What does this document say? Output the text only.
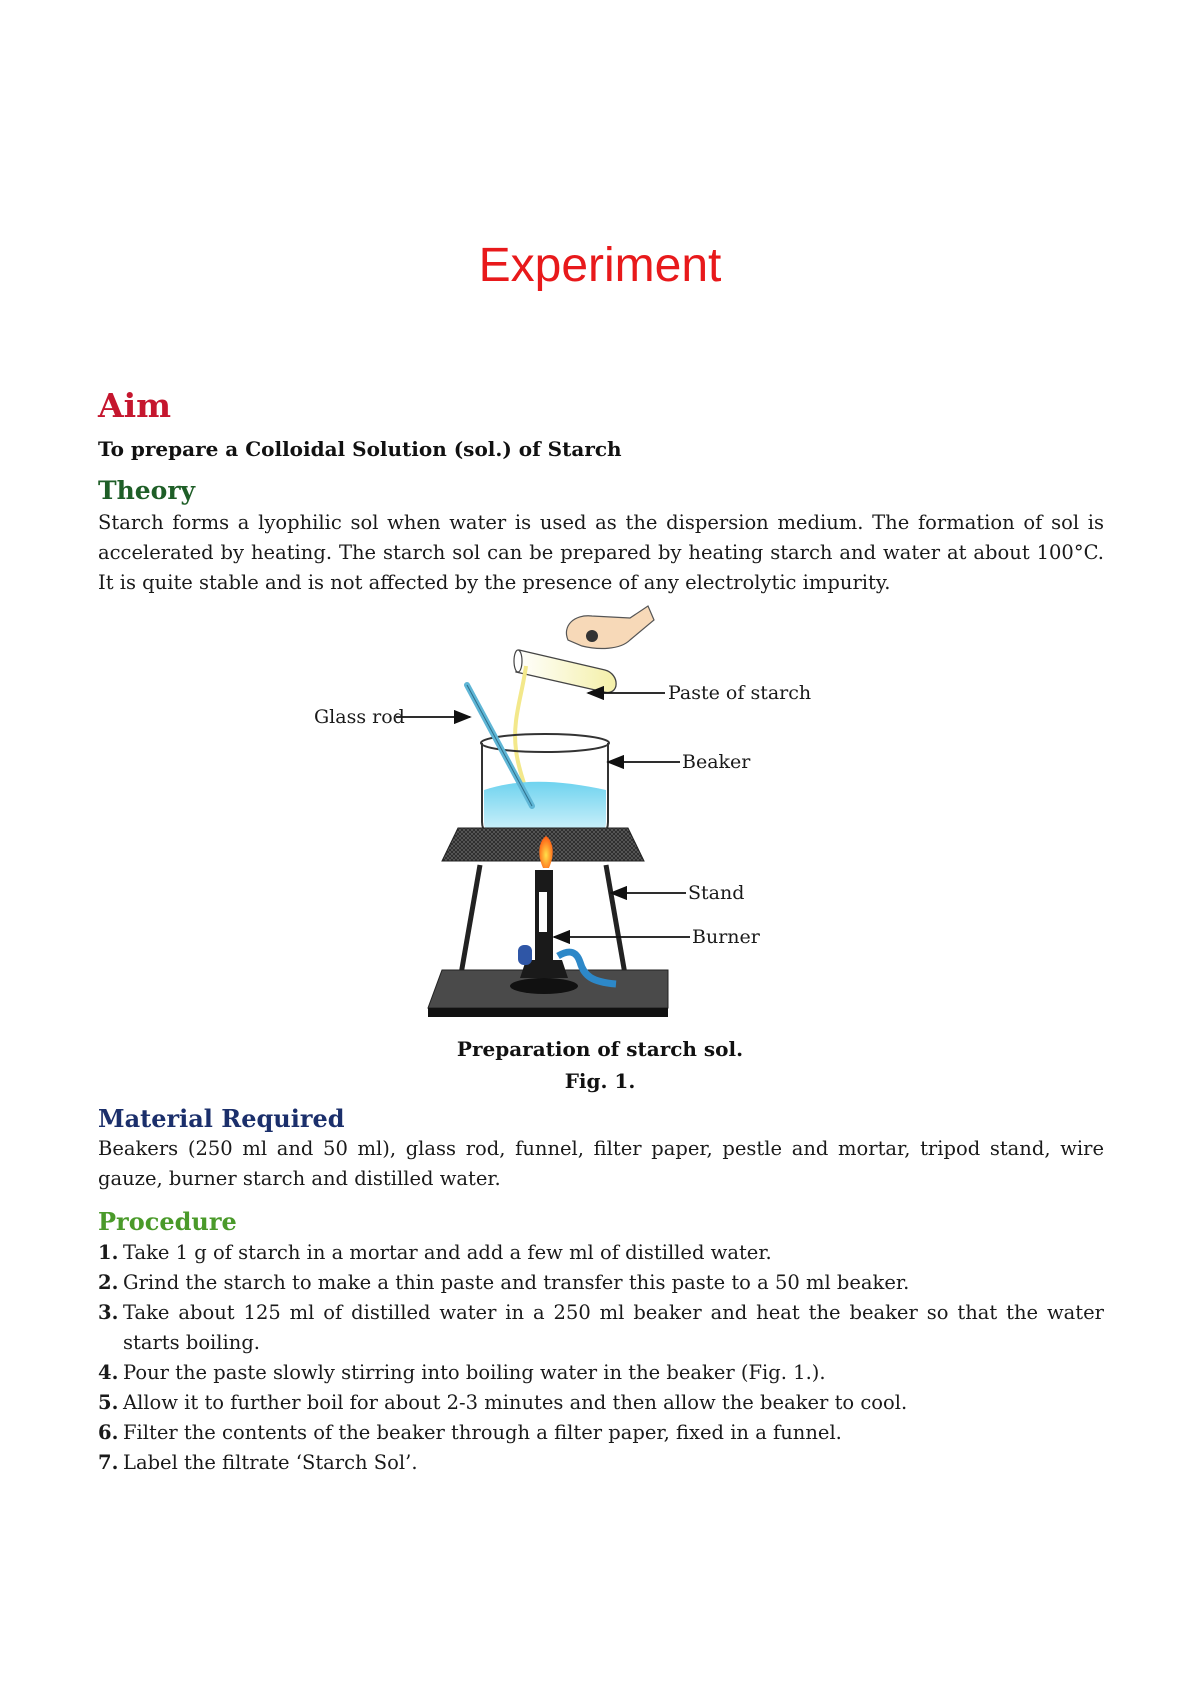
Experiment
Aim
To prepare a Colloidal Solution (sol.) of Starch
Theory
Starch forms a lyophilic sol when water is used as the dispersion medium. The formation of sol is accelerated by heating. The starch sol can be prepared by heating starch and water at about 100°C. It is quite stable and is not affected by the presence of any electrolytic impurity.
Paste of starch
Glass rod
Beaker
Stand
Burner
Preparation of starch sol.
Fig. 1.
Material Required
Beakers (250 ml and 50 ml), glass rod, funnel, filter paper, pestle and mortar, tripod stand, wire gauze, burner starch and distilled water.
Procedure
1. Take 1 g of starch in a mortar and add a few ml of distilled water.
2. Grind the starch to make a thin paste and transfer this paste to a 50 ml beaker.
3. Take about 125 ml of distilled water in a 250 ml beaker and heat the beaker so that the water starts boiling.
4. Pour the paste slowly stirring into boiling water in the beaker (Fig. 1.).
5. Allow it to further boil for about 2-3 minutes and then allow the beaker to cool.
6. Filter the contents of the beaker through a filter paper, fixed in a funnel.
7. Label the filtrate ‘Starch Sol’.
